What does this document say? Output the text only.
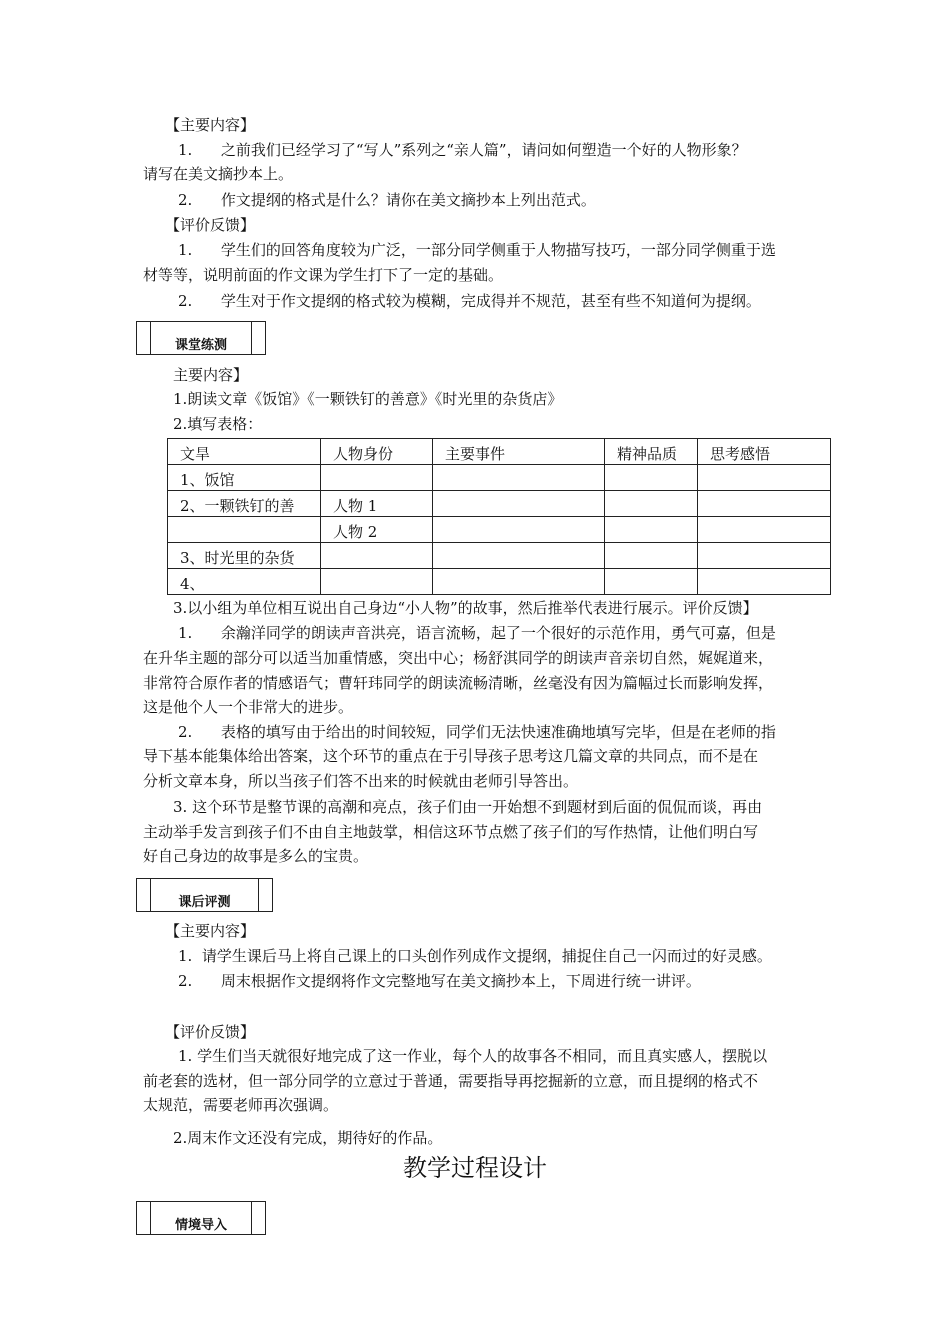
【主要内容】
1.      之前我们已经学习了“写人”系列之“亲人篇”，请问如何塑造一个好的人物形象？
请写在美文摘抄本上。
2.      作文提纲的格式是什么？请你在美文摘抄本上列出范式。
【评价反馈】
1.      学生们的回答角度较为广泛，一部分同学侧重于人物描写技巧，一部分同学侧重于选
材等等，说明前面的作文课为学生打下了一定的基础。
2.      学生对于作文提纲的格式较为模糊，完成得并不规范，甚至有些不知道何为提纲。
课堂练测
主要内容】
1.朗读文章《饭馆》《一颗铁钉的善意》《时光里的杂货店》
2.填写表格：
文旱	人物身份	主要事件	精神品质	思考感悟
1、饭馆				
2、一颗铁钉的善	人物 1			
	人物 2			
3、时光里的杂货				
4、				
3.以小组为单位相互说出自己身边“小人物”的故事，然后推举代表进行展示。评价反馈】
1.      余瀚洋同学的朗读声音洪亮，语言流畅，起了一个很好的示范作用，勇气可嘉，但是
在升华主题的部分可以适当加重情感，突出中心；杨舒淇同学的朗读声音亲切自然，娓娓道来，
非常符合原作者的情感语气；曹轩玮同学的朗读流畅清晰，丝毫没有因为篇幅过长而影响发挥，
这是他个人一个非常大的进步。
2.      表格的填写由于给出的时间较短，同学们无法快速准确地填写完毕，但是在老师的指
导下基本能集体给出答案，这个环节的重点在于引导孩子思考这几篇文章的共同点，而不是在
分析文章本身，所以当孩子们答不出来的时候就由老师引导答出。
3. 这个环节是整节课的高潮和亮点，孩子们由一开始想不到题材到后面的侃侃而谈，再由
主动举手发言到孩子们不由自主地鼓掌，相信这环节点燃了孩子们的写作热情，让他们明白写
好自己身边的故事是多么的宝贵。
课后评测
【主要内容】
1.  请学生课后马上将自己课上的口头创作列成作文提纲，捕捉住自己一闪而过的好灵感。
2.      周末根据作文提纲将作文完整地写在美文摘抄本上，下周进行统一讲评。
【评价反馈】
1. 学生们当天就很好地完成了这一作业，每个人的故事各不相同，而且真实感人，摆脱以
前老套的选材，但一部分同学的立意过于普通，需要指导再挖掘新的立意，而且提纲的格式不
太规范，需要老师再次强调。
2.周末作文还没有完成，期待好的作品。
教学过程设计
情境导入
